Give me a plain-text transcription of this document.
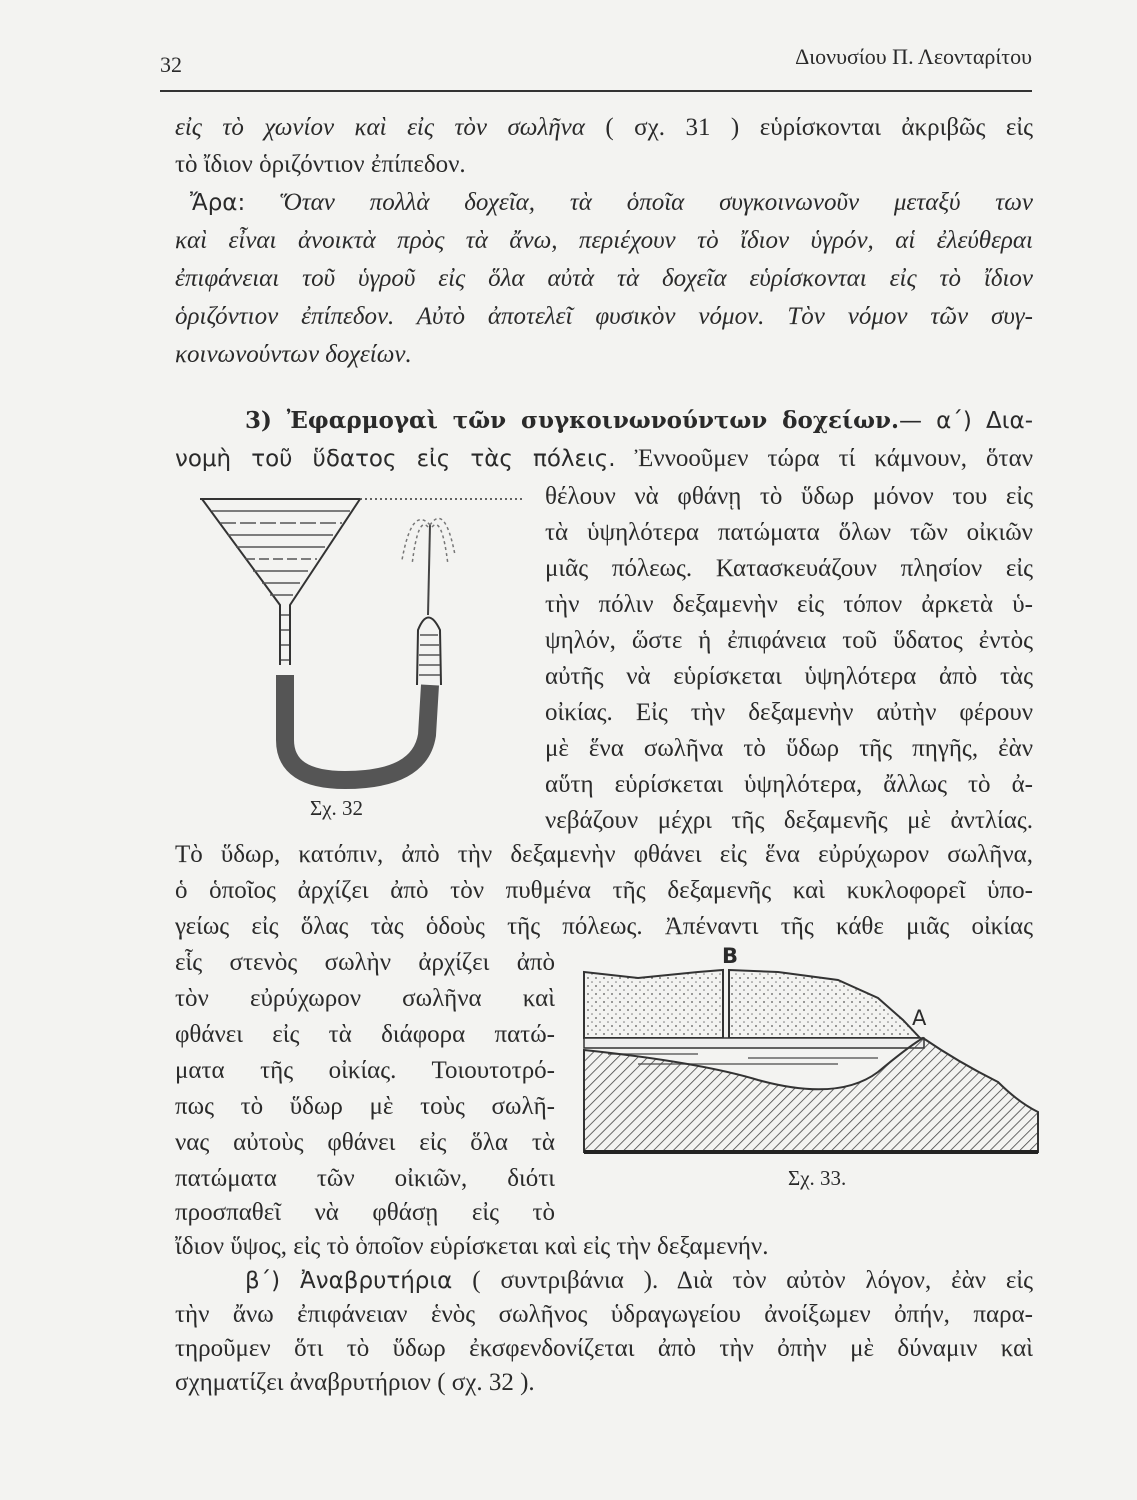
32	Διονυσίου Π. Λεονταρίτου
εἰς τὸ χωνίον καὶ εἰς τὸν σωλῆνα ( σχ. 31 ) εὑρίσκονται ἀκριβῶς εἰς
τὸ ἴδιον ὁριζόντιον ἐπίπεδον.
Ἄρα: Ὅταν πολλὰ δοχεῖα, τὰ ὁποῖα συγκοινωνοῦν μεταξύ των
καὶ εἶναι ἀνοικτὰ πρὸς τὰ ἄνω, περιέχουν τὸ ἴδιον ὑγρόν, αἱ ἐλεύθεραι
ἐπιφάνειαι τοῦ ὑγροῦ εἰς ὅλα αὐτὰ τὰ δοχεῖα εὑρίσκονται εἰς τὸ ἴδιον
ὁριζόντιον ἐπίπεδον. Αὐτὸ ἀποτελεῖ φυσικὸν νόμον. Τὸν νόμον τῶν συγ-
κοινωνούντων δοχείων.
3) Ἐφαρμογαὶ τῶν συγκοινωνούντων δοχείων.— α΄) Δια-
νομὴ τοῦ ὕδατος εἰς τὰς πόλεις. Ἐννοοῦμεν τώρα τί κάμνουν, ὅταν
θέλουν νὰ φθάνῃ τὸ ὕδωρ μόνον του εἰς
τὰ ὑψηλότερα πατώματα ὅλων τῶν οἰκιῶν
μιᾶς πόλεως. Κατασκευάζουν πλησίον εἰς
τὴν πόλιν δεξαμενὴν εἰς τόπον ἀρκετὰ ὑ-
ψηλόν, ὥστε ἡ ἐπιφάνεια τοῦ ὕδατος ἐντὸς
αὐτῆς νὰ εὑρίσκεται ὑψηλότερα ἀπὸ τὰς
οἰκίας. Εἰς τὴν δεξαμενὴν αὐτὴν φέρουν
μὲ ἕνα σωλῆνα τὸ ὕδωρ τῆς πηγῆς, ἐὰν
αὕτη εὑρίσκεται ὑψηλότερα, ἄλλως τὸ ἀ-
νεβάζουν μέχρι τῆς δεξαμενῆς μὲ ἀντλίας.
Τὸ ὕδωρ, κατόπιν, ἀπὸ τὴν δεξαμενὴν φθάνει εἰς ἕνα εὐρύχωρον σωλῆνα,
ὁ ὁποῖος ἀρχίζει ἀπὸ τὸν πυθμένα τῆς δεξαμενῆς καὶ κυκλοφορεῖ ὑπο-
γείως εἰς ὅλας τὰς ὁδοὺς τῆς πόλεως. Ἀπέναντι τῆς κάθε μιᾶς οἰκίας
εἷς στενὸς σωλὴν ἀρχίζει ἀπὸ
τὸν εὐρύχωρον σωλῆνα καὶ
φθάνει εἰς τὰ διάφορα πατώ-
ματα τῆς οἰκίας. Τοιουτοτρό-
πως τὸ ὕδωρ μὲ τοὺς σωλῆ-
νας αὐτοὺς φθάνει εἰς ὅλα τὰ
πατώματα τῶν οἰκιῶν, διότι
προσπαθεῖ νὰ φθάσῃ εἰς τὸ
ἴδιον ὕψος, εἰς τὸ ὁποῖον εὑρίσκεται καὶ εἰς τὴν δεξαμενήν.
β΄) Ἀναβρυτήρια ( συντριβάνια ). Διὰ τὸν αὐτὸν λόγον, ἐὰν εἰς
τὴν ἄνω ἐπιφάνειαν ἑνὸς σωλῆνος ὑδραγωγείου ἀνοίξωμεν ὀπήν, παρα-
τηροῦμεν ὅτι τὸ ὕδωρ ἐκσφενδονίζεται ἀπὸ τὴν ὀπὴν μὲ δύναμιν καὶ
σχηματίζει ἀναβρυτήριον ( σχ. 32 ).
Σχ. 32
B
A
Σχ. 33.
